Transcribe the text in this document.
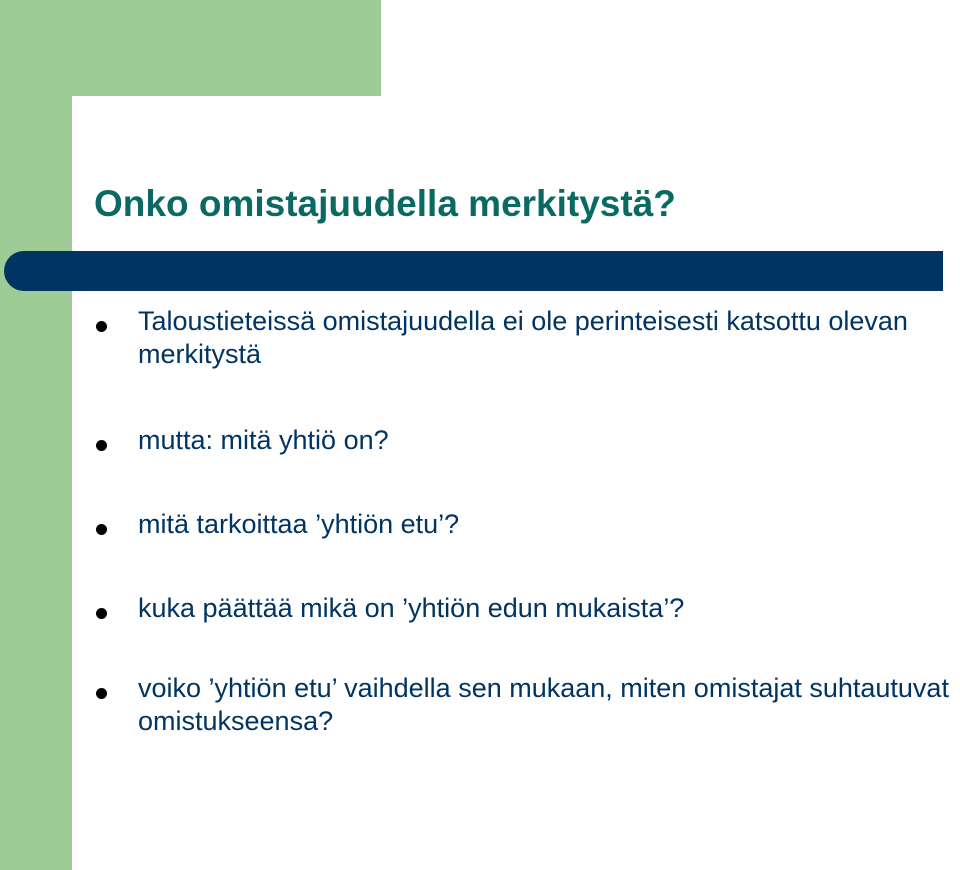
Onko omistajuudella merkitystä?
Taloustieteissä omistajuudella ei ole perinteisesti katsottu olevan merkitystä
mutta: mitä yhtiö on?
mitä tarkoittaa ’yhtiön etu’?
kuka päättää mikä on ’yhtiön edun mukaista’?
voiko ’yhtiön etu’ vaihdella sen mukaan, miten omistajat suhtautuvat omistukseensa?
